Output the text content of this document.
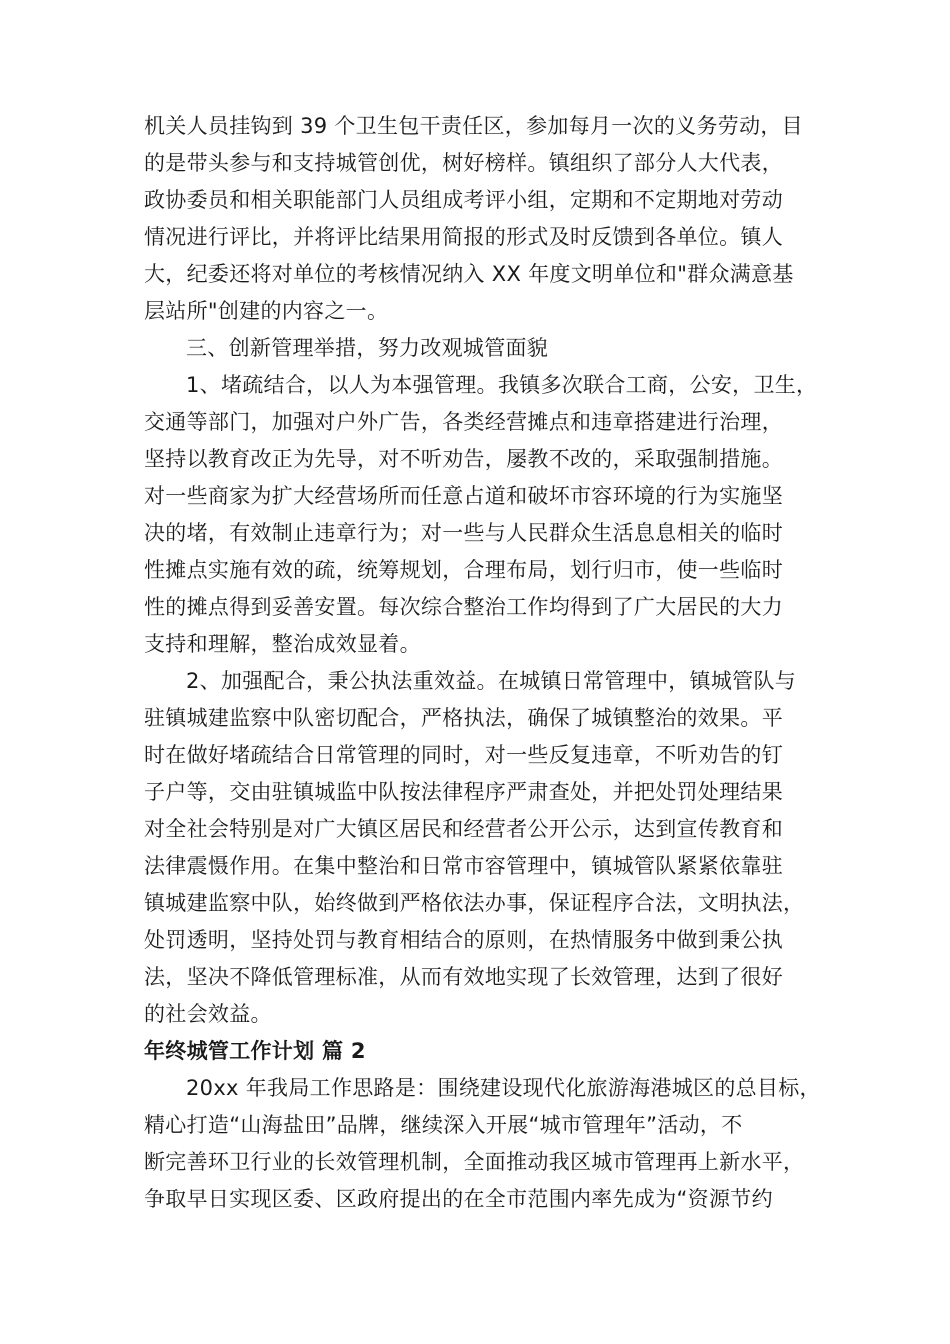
机关人员挂钩到 39 个卫生包干责任区，参加每月一次的义务劳动，目
的是带头参与和支持城管创优，树好榜样。镇组织了部分人大代表，
政协委员和相关职能部门人员组成考评小组，定期和不定期地对劳动
情况进行评比，并将评比结果用简报的形式及时反馈到各单位。镇人
大，纪委还将对单位的考核情况纳入 XX 年度文明单位和"群众满意基
层站所"创建的内容之一。
三、创新管理举措，努力改观城管面貌
1、堵疏结合，以人为本强管理。我镇多次联合工商，公安，卫生，
交通等部门，加强对户外广告，各类经营摊点和违章搭建进行治理，
坚持以教育改正为先导，对不听劝告，屡教不改的，采取强制措施。
对一些商家为扩大经营场所而任意占道和破坏市容环境的行为实施坚
决的堵，有效制止违章行为；对一些与人民群众生活息息相关的临时
性摊点实施有效的疏，统筹规划，合理布局，划行归市，使一些临时
性的摊点得到妥善安置。每次综合整治工作均得到了广大居民的大力
支持和理解，整治成效显着。
2、加强配合，秉公执法重效益。在城镇日常管理中，镇城管队与
驻镇城建监察中队密切配合，严格执法，确保了城镇整治的效果。平
时在做好堵疏结合日常管理的同时，对一些反复违章，不听劝告的钉
子户等，交由驻镇城监中队按法律程序严肃查处，并把处罚处理结果
对全社会特别是对广大镇区居民和经营者公开公示，达到宣传教育和
法律震慑作用。在集中整治和日常市容管理中，镇城管队紧紧依靠驻
镇城建监察中队，始终做到严格依法办事，保证程序合法，文明执法，
处罚透明，坚持处罚与教育相结合的原则，在热情服务中做到秉公执
法，坚决不降低管理标准，从而有效地实现了长效管理，达到了很好
的社会效益。
年终城管工作计划 篇 2
20xx 年我局工作思路是：围绕建设现代化旅游海港城区的总目标，
精心打造“山海盐田”品牌，继续深入开展“城市管理年”活动，不
断完善环卫行业的长效管理机制，全面推动我区城市管理再上新水平，
争取早日实现区委、区政府提出的在全市范围内率先成为“资源节约
